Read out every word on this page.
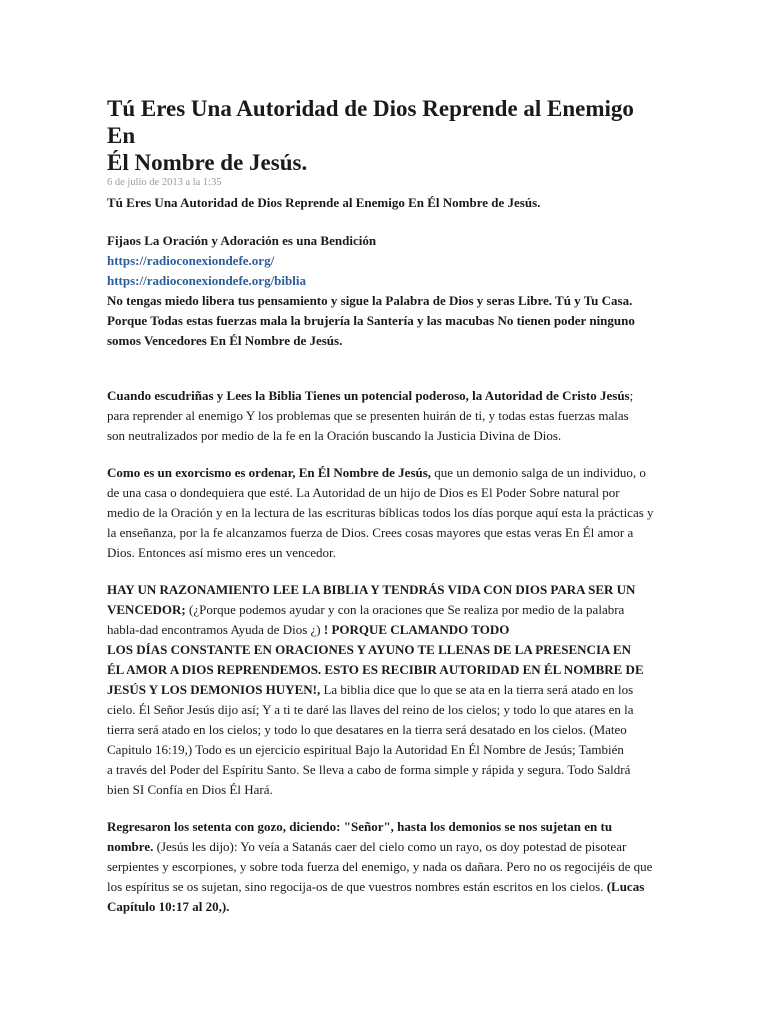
Tú Eres Una Autoridad de Dios Reprende al Enemigo En
Él Nombre de Jesús.

6 de julio de 2013 a la 1:35

Tú Eres Una Autoridad de Dios Reprende al Enemigo En Él Nombre de Jesús.

Fijaos La Oración y Adoración es una Bendición

https://radioconexiondefe.org/
https://radioconexiondefe.org/biblia

No tengas miedo libera tus pensamiento y sigue la Palabra de Dios y seras Libre. Tú y Tu Casa.

Porque Todas estas fuerzas mala la brujería la Santería y las macubas No tienen poder ninguno

somos Vencedores En Él Nombre de Jesús.

Cuando escudriñas y Lees la Biblia Tienes un potencial poderoso, la Autoridad de Cristo Jesús;

para reprender al enemigo Y los problemas que se presenten huirán de ti, y todas estas fuerzas malas

son neutralizados por medio de la fe en la Oración buscando la Justicia Divina de Dios.

Como es un exorcismo es ordenar, En Él Nombre de Jesús, que un demonio salga de un individuo, o

de una casa o dondequiera que esté. La Autoridad de un hijo de Dios es El Poder Sobre natural por

medio de la Oración y en la lectura de las escrituras bíblicas todos los días porque aquí esta la prácticas y

la enseñanza, por la fe alcanzamos fuerza de Dios. Crees cosas mayores que estas veras En Él amor a

Dios. Entonces así mismo eres un vencedor.

HAY UN RAZONAMIENTO LEE LA BIBLIA Y TENDRÁS VIDA CON DIOS PARA SER UN

VENCEDOR; (¿Porque podemos ayudar y con la oraciones que Se realiza por medio de la palabra

habla-dad encontramos Ayuda de Dios ¿) ! PORQUE CLAMANDO TODO

LOS DÍAS CONSTANTE EN ORACIONES Y AYUNO TE LLENAS DE LA PRESENCIA EN

ÉL AMOR A DIOS REPRENDEMOS. ESTO ES RECIBIR AUTORIDAD EN ÉL NOMBRE DE

JESÚS Y LOS DEMONIOS HUYEN!, La biblia dice que lo que se ata en la tierra será atado en los

cielo. Él Señor Jesús dijo así; Y a ti te daré las llaves del reino de los cielos; y todo lo que atares en la

tierra será atado en los cielos; y todo lo que desatares en la tierra será desatado en los cielos. (Mateo

Capitulo 16:19,) Todo es un ejercicio espiritual Bajo la Autoridad En Él Nombre de Jesús; También

a través del Poder del Espíritu Santo. Se lleva a cabo de forma simple y rápida y segura. Todo Saldrá

bien SI Confía en Dios Él Hará.

Regresaron los setenta con gozo, diciendo: "Señor", hasta los demonios se nos sujetan en tu

nombre. (Jesús les dijo): Yo veía a Satanás caer del cielo como un rayo, os doy potestad de pisotear

serpientes y escorpiones, y sobre toda fuerza del enemigo, y nada os dañara. Pero no os regocijéis de que

los espíritus se os sujetan, sino regocija-os de que vuestros nombres están escritos en los cielos. (Lucas

Capítulo 10:17 al 20,).
